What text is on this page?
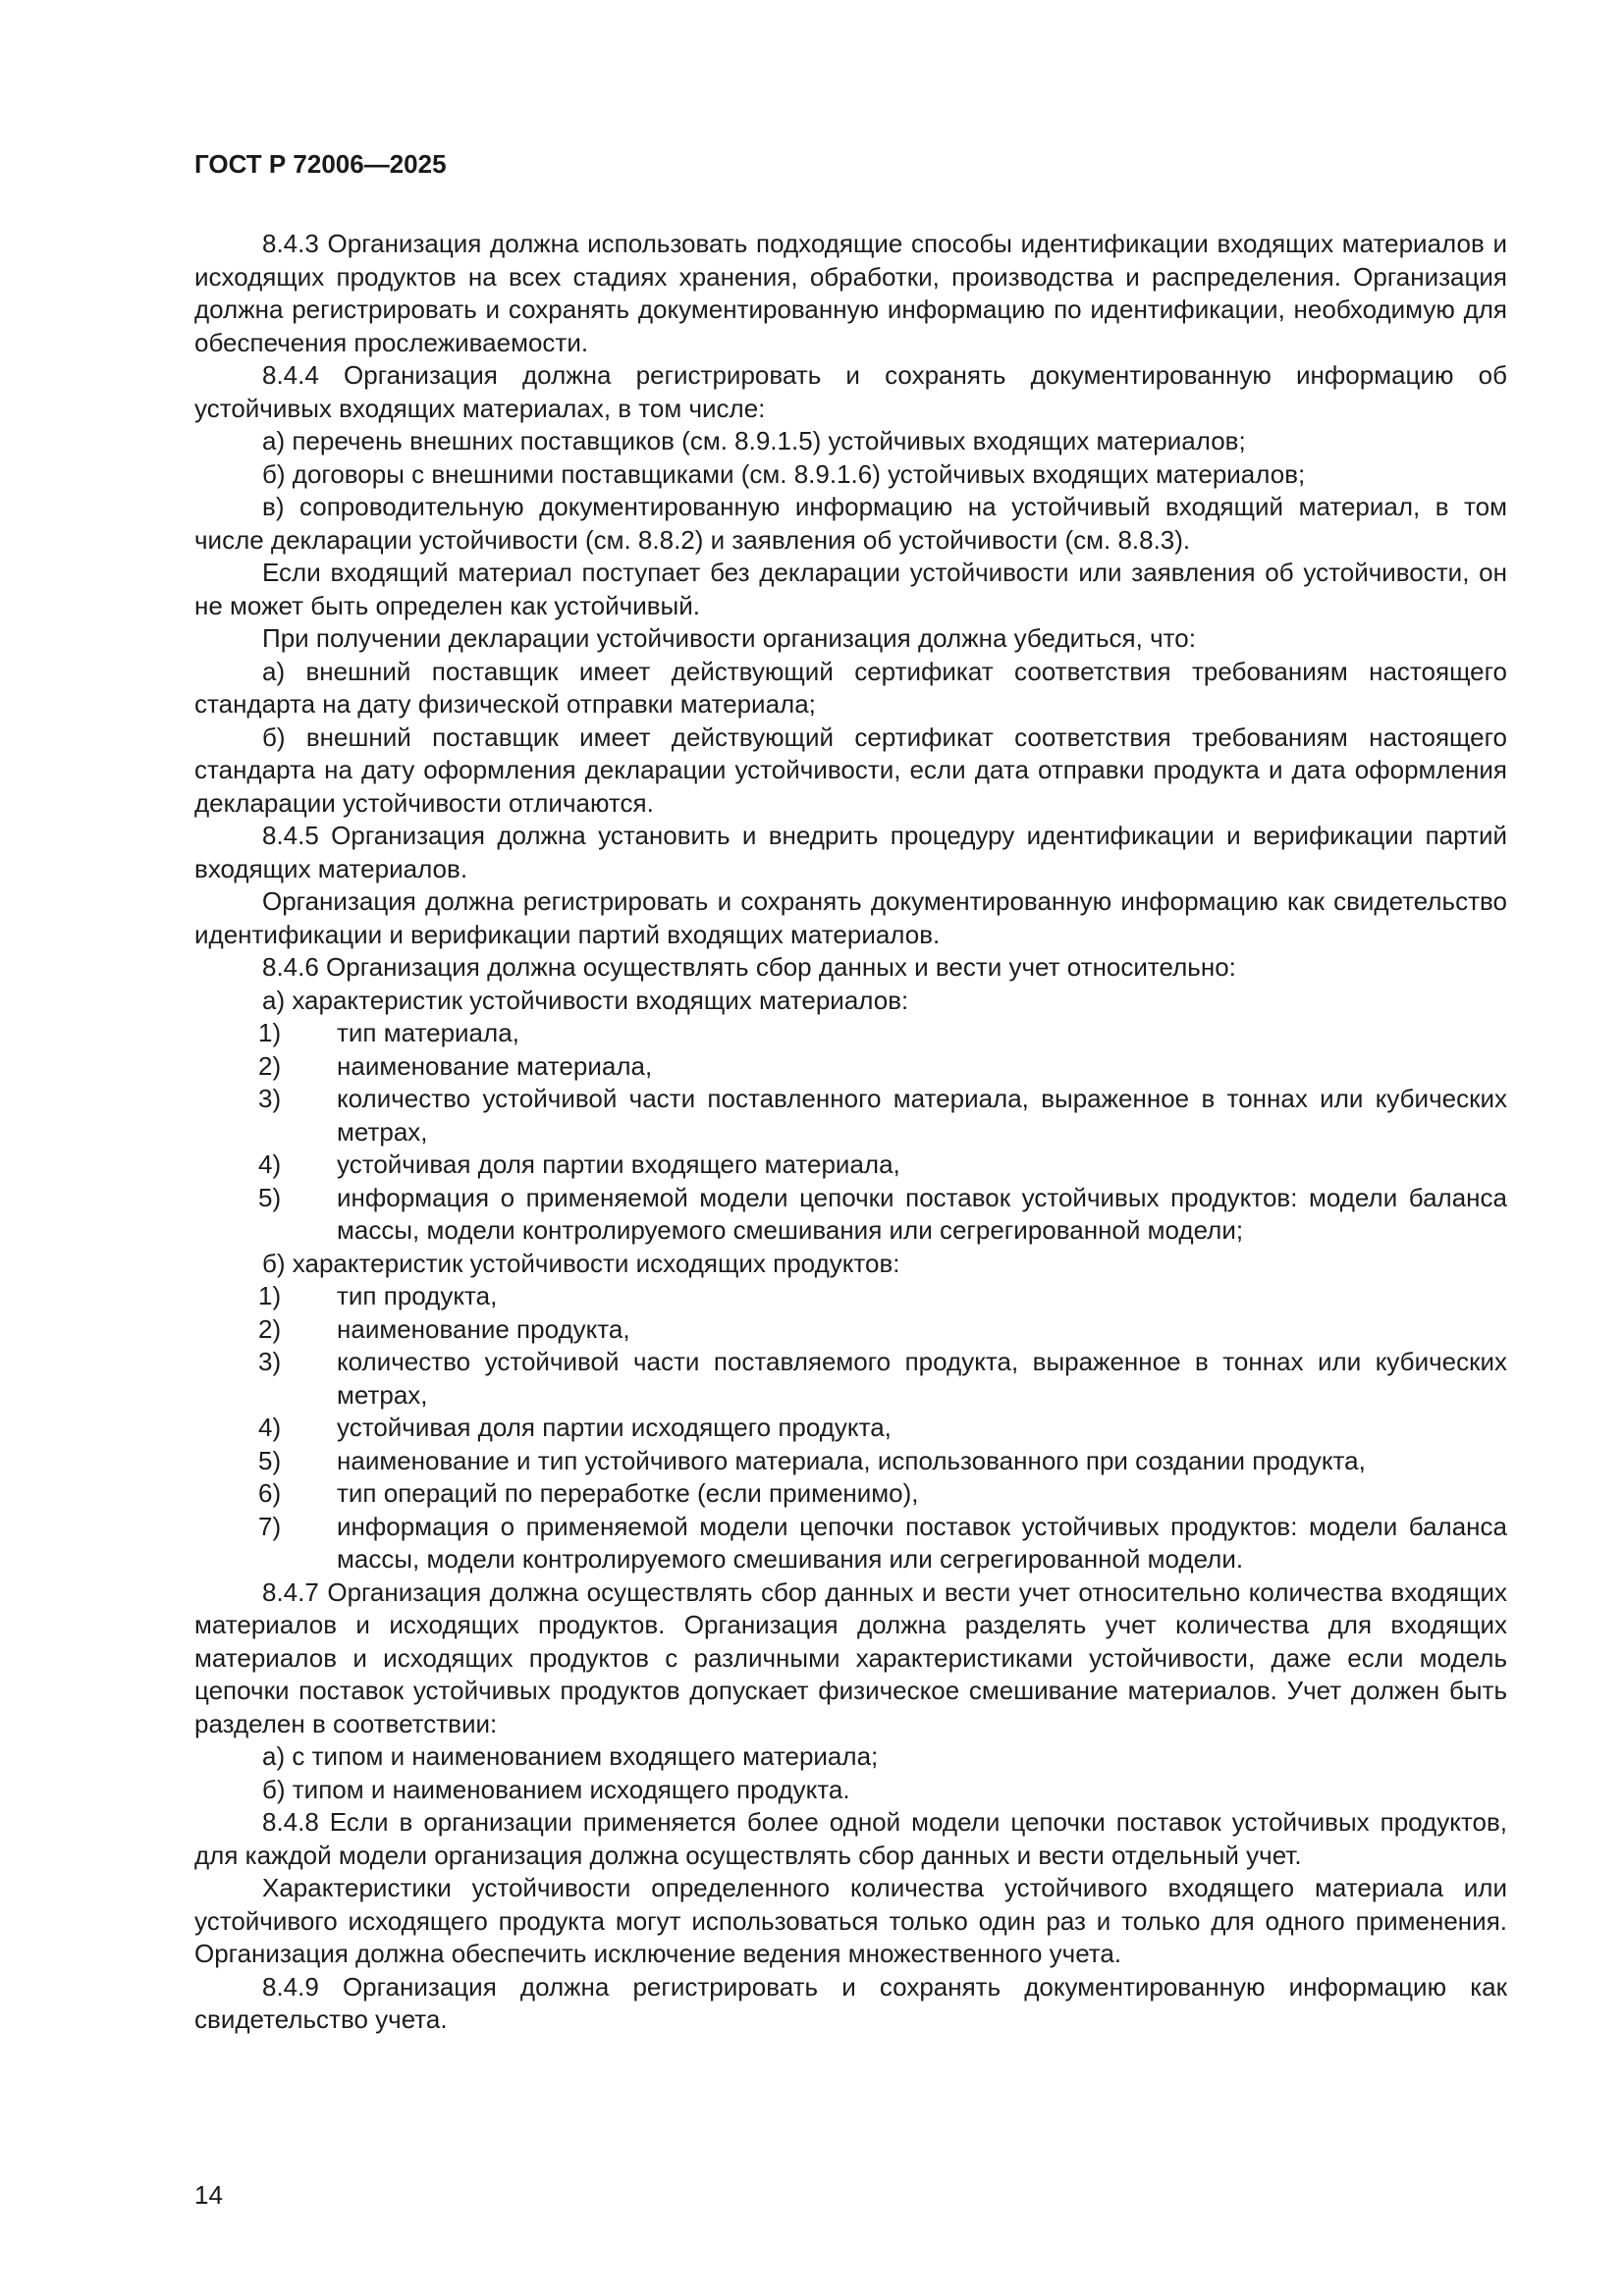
ГОСТ Р 72006—2025

8.4.3 Организация должна использовать подходящие способы идентификации входящих материалов и исходящих продуктов на всех стадиях хранения, обработки, производства и распределения. Организация должна регистрировать и сохранять документированную информацию по идентификации, необходимую для обеспечения прослеживаемости.

8.4.4 Организация должна регистрировать и сохранять документированную информацию об устойчивых входящих материалах, в том числе:

а) перечень внешних поставщиков (см. 8.9.1.5) устойчивых входящих материалов;

б) договоры с внешними поставщиками (см. 8.9.1.6) устойчивых входящих материалов;

в) сопроводительную документированную информацию на устойчивый входящий материал, в том числе декларации устойчивости (см. 8.8.2) и заявления об устойчивости (см. 8.8.3).

Если входящий материал поступает без декларации устойчивости или заявления об устойчивости, он не может быть определен как устойчивый.

При получении декларации устойчивости организация должна убедиться, что:

а) внешний поставщик имеет действующий сертификат соответствия требованиям настоящего стандарта на дату физической отправки материала;

б) внешний поставщик имеет действующий сертификат соответствия требованиям настоящего стандарта на дату оформления декларации устойчивости, если дата отправки продукта и дата оформления декларации устойчивости отличаются.

8.4.5 Организация должна установить и внедрить процедуру идентификации и верификации партий входящих материалов.

Организация должна регистрировать и сохранять документированную информацию как свидетельство идентификации и верификации партий входящих материалов.

8.4.6 Организация должна осуществлять сбор данных и вести учет относительно:

а) характеристик устойчивости входящих материалов:

1) тип материала,

2) наименование материала,

3) количество устойчивой части поставленного материала, выраженное в тоннах или кубических метрах,

4) устойчивая доля партии входящего материала,

5) информация о применяемой модели цепочки поставок устойчивых продуктов: модели баланса массы, модели контролируемого смешивания или сегрегированной модели;

б) характеристик устойчивости исходящих продуктов:

1) тип продукта,

2) наименование продукта,

3) количество устойчивой части поставляемого продукта, выраженное в тоннах или кубических метрах,

4) устойчивая доля партии исходящего продукта,

5) наименование и тип устойчивого материала, использованного при создании продукта,

6) тип операций по переработке (если применимо),

7) информация о применяемой модели цепочки поставок устойчивых продуктов: модели баланса массы, модели контролируемого смешивания или сегрегированной модели.

8.4.7 Организация должна осуществлять сбор данных и вести учет относительно количества входящих материалов и исходящих продуктов. Организация должна разделять учет количества для входящих материалов и исходящих продуктов с различными характеристиками устойчивости, даже если модель цепочки поставок устойчивых продуктов допускает физическое смешивание материалов. Учет должен быть разделен в соответствии:

а) с типом и наименованием входящего материала;

б) типом и наименованием исходящего продукта.

8.4.8 Если в организации применяется более одной модели цепочки поставок устойчивых продуктов, для каждой модели организация должна осуществлять сбор данных и вести отдельный учет.

Характеристики устойчивости определенного количества устойчивого входящего материала или устойчивого исходящего продукта могут использоваться только один раз и только для одного применения. Организация должна обеспечить исключение ведения множественного учета.

8.4.9 Организация должна регистрировать и сохранять документированную информацию как свидетельство учета.

14
